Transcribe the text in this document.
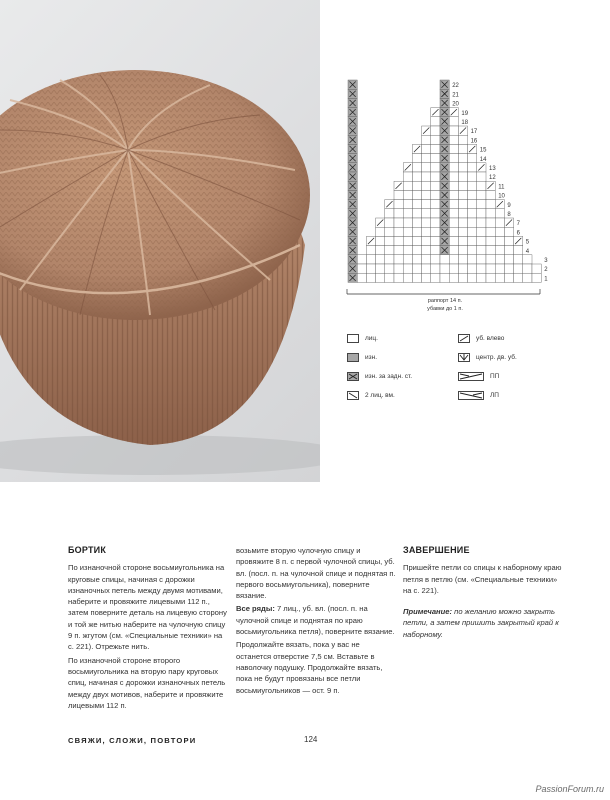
22
21
20
19
18
17
16
15
14
13
12
11
10
9
8
7
6
5
4
3
2
1
раппорт 14 п.
убавки до 1 п.
лиц.
изн.
изн. за задн. ст.
2 лиц. вм.
уб. влево
центр. дв. уб.
ПП
ЛП
БОРТИК

По изнаночной стороне восьмиугольника на круговые спицы, начиная с дорожки изнаночных петель между двумя мотивами, наберите и провяжите лицевыми 112 п., затем поверните деталь на лицевую сторону и той же нитью наберите на чулочную спицу 9 п. жгутом (см. «Специальные техники» на с. 221). Отрежьте нить.

По изнаночной стороне второго восьмиугольника на вторую пару круговых спиц, начиная с дорожки изнаночных петель между двух мотивов, наберите и провяжите лицевыми 112 п.

возьмите вторую чулочную спицу и провяжите 8 п. с первой чулочной спицы, уб. вл. (посл. п. на чулочной спице и поднятая п. первого восьмиугольника), поверните вязание.

Все ряды: 7 лиц., уб. вл. (посл. п. на чулочной спице и поднятая по краю восьмиугольника петля), поверните вязание.

Продолжайте вязать, пока у вас не останется отверстие 7,5 см. Вставьте в наволочку подушку. Продолжайте вязать, пока не будут провязаны все петли восьмиугольников — ост. 9 п.

ЗАВЕРШЕНИЕ

Пришейте петли со спицы к наборному краю петля в петлю (см. «Специальные техники» на с. 221).

Примечание: по желанию можно закрыть петли, а затем пришить закрытый край к наборному.

СВЯЖИ, СЛОЖИ, ПОВТОРИ	124
PassionForum.ru
